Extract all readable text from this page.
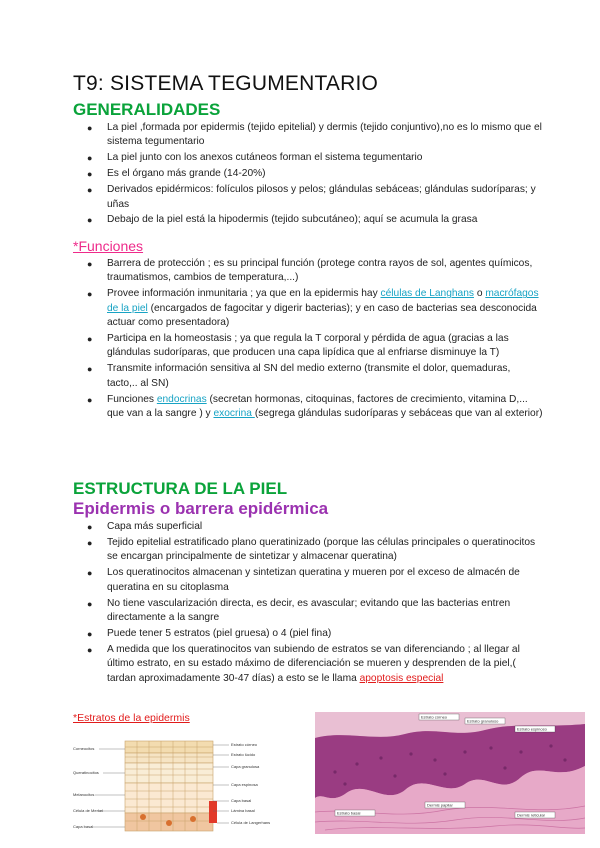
T9: SISTEMA TEGUMENTARIO
GENERALIDADES
● La piel ,formada por epidermis (tejido epitelial) y dermis (tejido conjuntivo),no es lo mismo que el sistema tegumentario
● La piel junto con los anexos cutáneos forman el sistema tegumentario
● Es el órgano más grande (14-20%)
● Derivados epidérmicos: folículos pilosos y pelos; glándulas sebáceas; glándulas sudoríparas; y uñas
● Debajo de la piel está la hipodermis (tejido subcutáneo); aquí se acumula la grasa
*Funciones
● Barrera de protección ; es su principal función (protege contra rayos de sol, agentes químicos, traumatismos, cambios de temperatura,...)
● Provee información inmunitaria ; ya que en la epidermis hay células de Langhans o macrófagos de la piel (encargados de fagocitar y digerir bacterias); y en caso de bacterias sea desconocida actuar como presentadora)
● Participa en la homeostasis ; ya que regula la T corporal y pérdida de agua (gracias a las glándulas sudoríparas, que producen una capa lipídica que al enfriarse disminuye la T)
● Transmite información sensitiva al SN del medio externo (transmite el dolor, quemaduras, tacto,.. al SN)
● Funciones endocrinas (secretan hormonas, citoquinas, factores de crecimiento, vitamina D,... que van a la sangre ) y exocrina (segrega glándulas sudoríparas y sebáceas que van al exterior)
ESTRUCTURA DE LA PIEL
Epidermis o barrera epidérmica
● Capa más superficial
● Tejido epitelial estratificado plano queratinizado (porque las células principales o queratinocitos se encargan principalmente de sintetizar y almacenar queratina)
● Los queratinocitos almacenan y sintetizan queratina y mueren por el exceso de almacén de queratina en su citoplasma
● No tiene vascularización directa, es decir, es avascular; evitando que las bacterias entren directamente a la sangre
● Puede tener 5 estratos (piel gruesa) o 4 (piel fina)
● A medida que los queratinocitos van subiendo de estratos se van diferenciando ; al llegar al último estrato, en su estado máximo de diferenciación se mueren y desprenden de la piel,( tardan aproximadamente 30-47 días) a esto se le llama apoptosis especial
*Estratos de la epidermis
Corneocitos
Queratinocitos
Melanocitos
Célula de Merkel
Capa basal
Estrato córneo
Estrato lúcido
Capa granulosa
Capa espinosa
Capa basal
Lámina basal
Célula de Langerhans
Estrato córneo
Estrato granuloso
Estrato espinoso
Estrato basal
Dermis papilar
Dermis reticular
